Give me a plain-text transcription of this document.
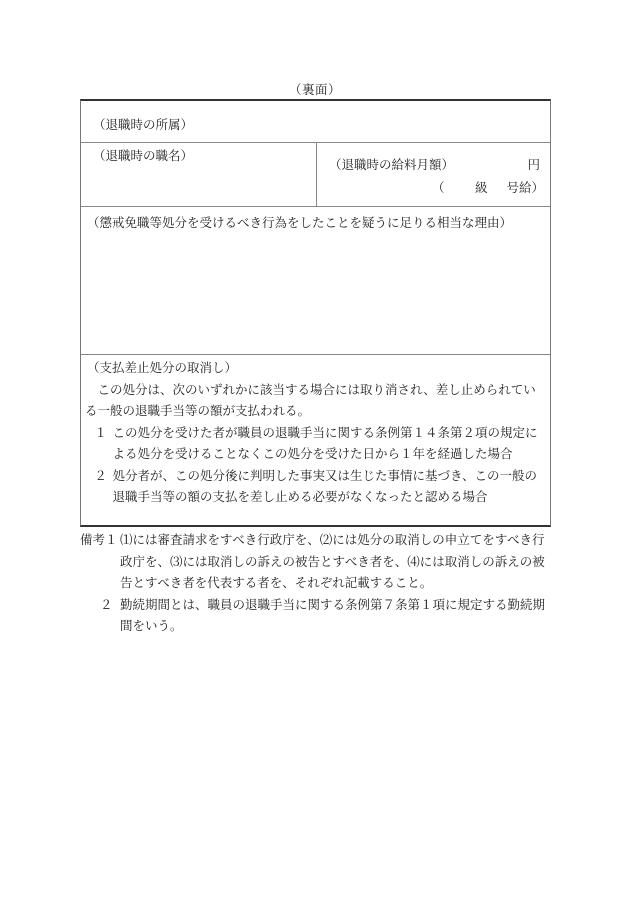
（裏面）
（退職時の所属）
（退職時の職名）
（退職時の給料月額）	円
（ 級 号給）
（懲戒免職等処分を受けるべき行為をしたことを疑うに足りる相当な理由）

（支払差止処分の取消し）

この処分は、次のいずれかに該当する場合には取り消され、差し止められている一般の退職手当等の額が支払われる。

１ この処分を受けた者が職員の退職手当に関する条例第１４条第２項の規定による処分を受けることなくこの処分を受けた日から１年を経過した場合

２ 処分者が、この処分後に判明した事実又は生じた事情に基づき、この一般の退職手当等の額の支払を差し止める必要がなくなったと認める場合

備考１ ⑴には審査請求をすべき行政庁を、⑵には処分の取消しの申立てをすべき行政庁を、⑶には取消しの訴えの被告とすべき者を、⑷には取消しの訴えの被告とすべき者を代表する者を、それぞれ記載すること。

２ 勤続期間とは、職員の退職手当に関する条例第７条第１項に規定する勤続期間をいう。
